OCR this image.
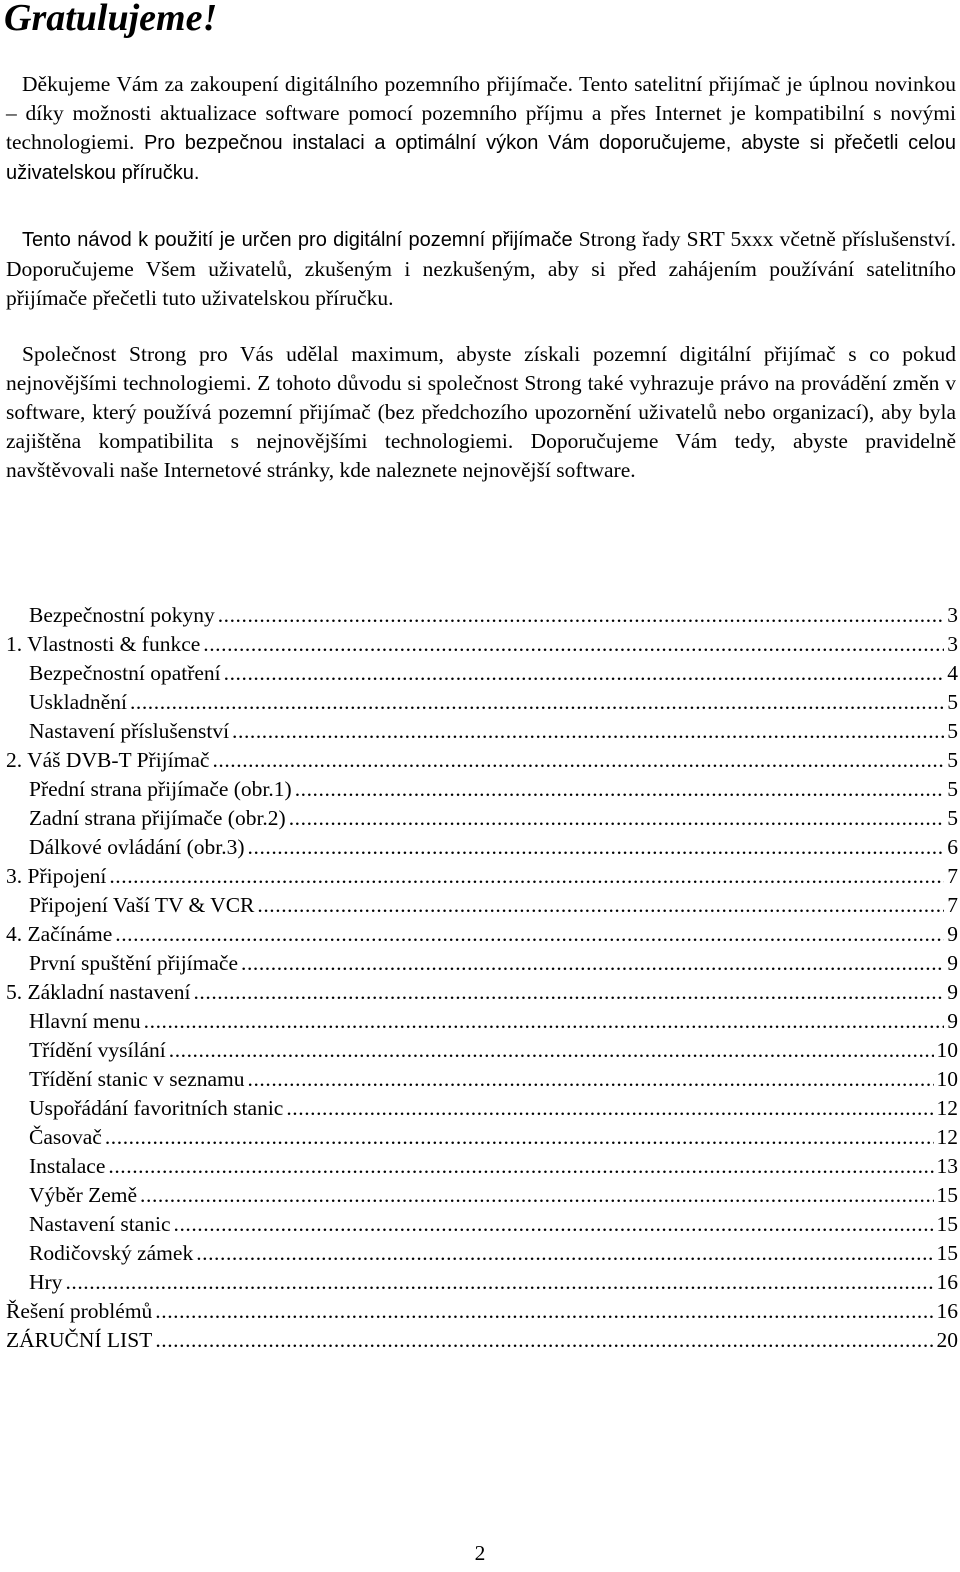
Gratulujeme!

Děkujeme Vám za zakoupení digitálního pozemního přijímače. Tento satelitní přijímač je úplnou novinkou – díky možnosti aktualizace software pomocí pozemního příjmu a přes Internet je kompatibilní s novými technologiemi. Pro bezpečnou instalaci a optimální výkon Vám doporučujeme, abyste si přečetli celou uživatelskou příručku.

Tento návod k použití je určen pro digitální pozemní přijímače Strong řady SRT 5xxx včetně příslušenství. Doporučujeme Všem uživatelů, zkušeným i nezkušeným, aby si před zahájením používání satelitního přijímače přečetli tuto uživatelskou příručku.

Společnost Strong pro Vás udělal maximum, abyste získali pozemní digitální přijímač s co pokud nejnovějšími technologiemi. Z tohoto důvodu si společnost Strong také vyhrazuje právo na provádění změn v software, který používá pozemní přijímač (bez předchozího upozornění uživatelů nebo organizací), aby byla zajištěna kompatibilita s nejnovějšími technologiemi. Doporučujeme Vám tedy, abyste pravidelně navštěvovali naše Internetové stránky, kde naleznete nejnovější software.

Bezpečnostní pokyny . . .	3
1. Vlastnosti & funkce . . .	3
Bezpečnostní opatření . . .	4
Uskladnění . . .	5
Nastavení příslušenství . . .	5
2. Váš DVB-T Přijímač . . .	5
Přední strana přijímače (obr.1) . . .	5
Zadní strana přijímače (obr.2) . . .	5
Dálkové ovládání (obr.3) . . .	6
3. Připojení . . .	7
Připojení Vaší TV & VCR . . .	7
4. Začínáme . . .	9
První spuštění přijímače . . .	9
5. Základní nastavení . . .	9
Hlavní menu . . .	9
Třídění vysílání . . .	10
Třídění stanic v seznamu . . .	10
Uspořádání favoritních stanic . . .	12
Časovač . . .	12
Instalace . . .	13
Výběr Země . . .	15
Nastavení stanic . . .	15
Rodičovský zámek . . .	15
Hry . . .	16
Řešení problémů . . .	16
ZÁRUČNÍ LIST . . .	20
2
